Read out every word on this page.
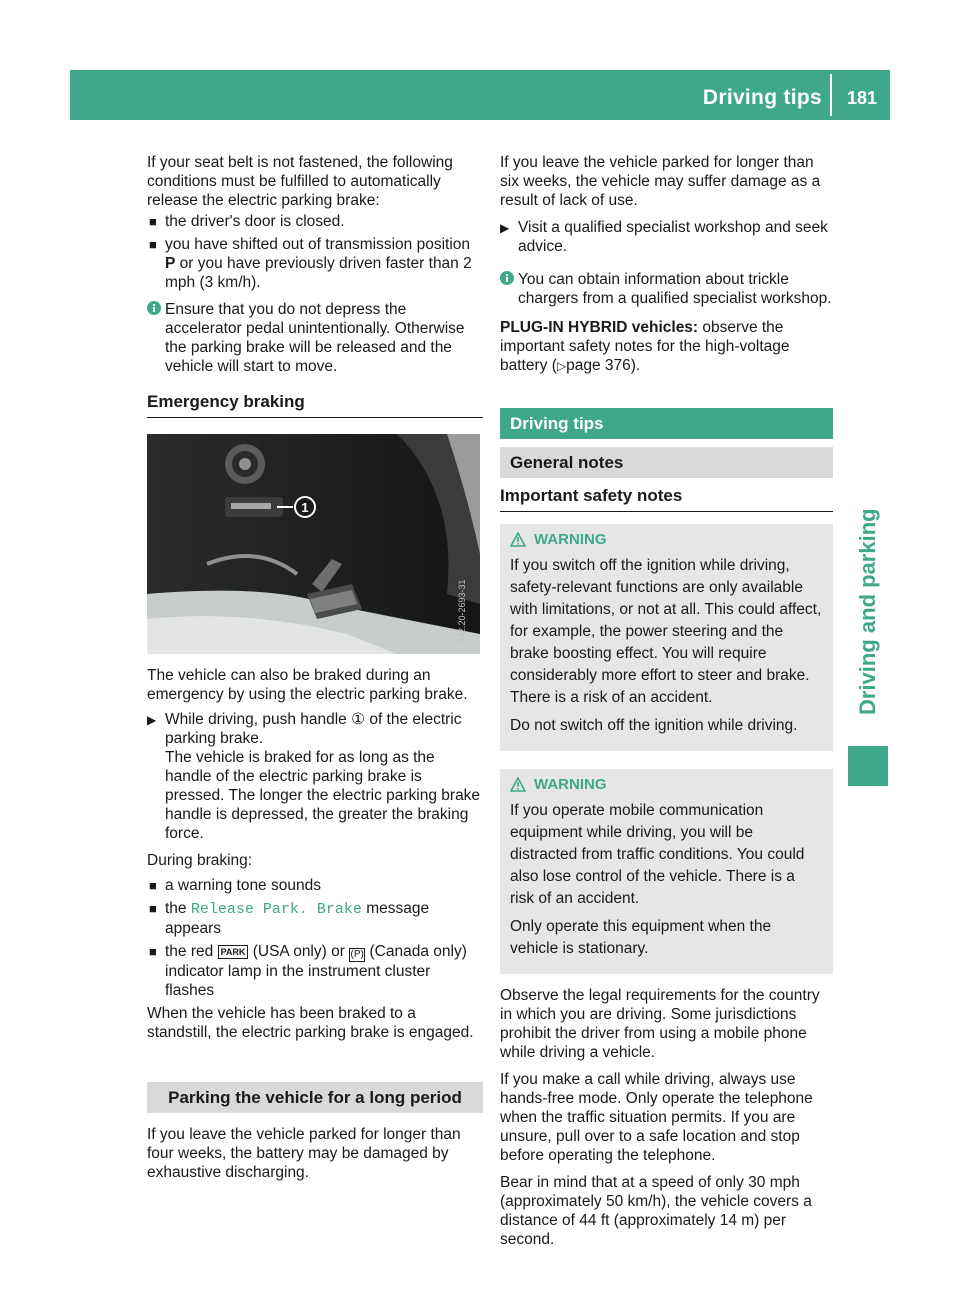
Driving tips	181
Driving and parking

If your seat belt is not fastened, the following conditions must be fulfilled to automatically release the electric parking brake:

■ the driver's door is closed.
■ you have shifted out of transmission position P or you have previously driven faster than 2 mph (3 km/h).
Ensure that you do not depress the accelerator pedal unintentionally. Otherwise the parking brake will be released and the vehicle will start to move.
Emergency braking
1
P42.20-2693-31

The vehicle can also be braked during an emergency by using the electric parking brake.

▶ While driving, push handle ① of the electric parking brake.
The vehicle is braked for as long as the handle of the electric parking brake is pressed. The longer the electric parking brake handle is depressed, the greater the braking force.

During braking:

■ a warning tone sounds
■ the Release Park. Brake message appears
■ the red PARK (USA only) or (P) (Canada only) indicator lamp in the instrument cluster flashes

When the vehicle has been braked to a standstill, the electric parking brake is engaged.

Parking the vehicle for a long period

If you leave the vehicle parked for longer than four weeks, the battery may be damaged by exhaustive discharging.

If you leave the vehicle parked for longer than six weeks, the vehicle may suffer damage as a result of lack of use.

▶ Visit a qualified specialist workshop and seek advice.
You can obtain information about trickle chargers from a qualified specialist workshop.

PLUG-IN HYBRID vehicles: observe the important safety notes for the high-voltage battery (▷page 376).

Driving tips
General notes
Important safety notes
WARNING

If you switch off the ignition while driving, safety-relevant functions are only available with limitations, or not at all. This could affect, for example, the power steering and the brake boosting effect. You will require considerably more effort to steer and brake. There is a risk of an accident.

Do not switch off the ignition while driving.

WARNING

If you operate mobile communication equipment while driving, you will be distracted from traffic conditions. You could also lose control of the vehicle. There is a risk of an accident.

Only operate this equipment when the vehicle is stationary.

Observe the legal requirements for the country in which you are driving. Some jurisdictions prohibit the driver from using a mobile phone while driving a vehicle.

If you make a call while driving, always use hands-free mode. Only operate the telephone when the traffic situation permits. If you are unsure, pull over to a safe location and stop before operating the telephone.

Bear in mind that at a speed of only 30 mph (approximately 50 km/h), the vehicle covers a distance of 44 ft (approximately 14 m) per second.
